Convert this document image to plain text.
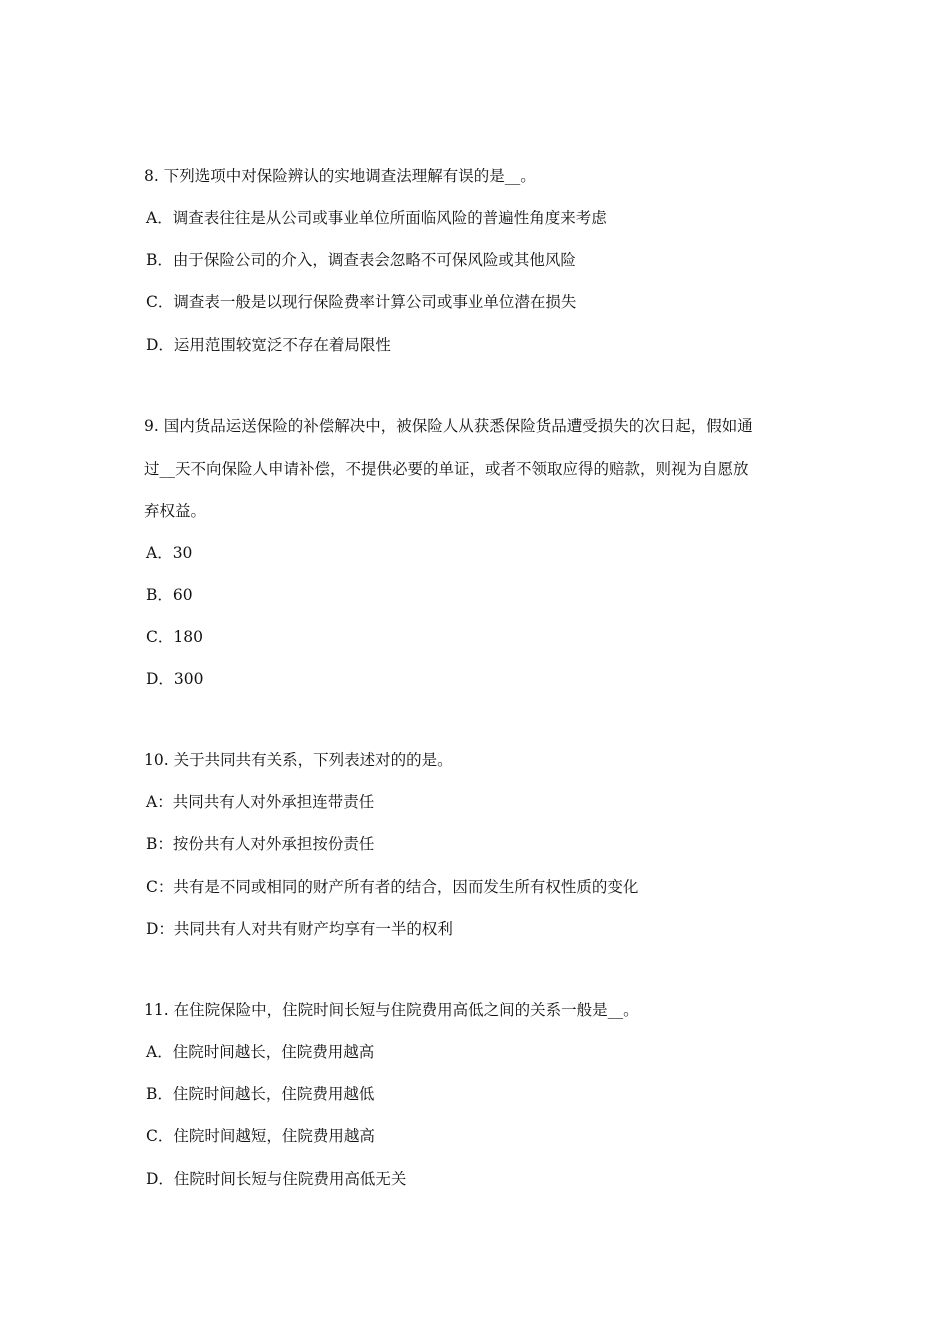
8. 下列选项中对保险辨认的实地调查法理解有误的是__。
A．调查表往往是从公司或事业单位所面临风险的普遍性角度来考虑
B．由于保险公司的介入，调查表会忽略不可保风险或其他风险
C．调查表一般是以现行保险费率计算公司或事业单位潜在损失
D．运用范围较宽泛不存在着局限性
9. 国内货品运送保险的补偿解决中，被保险人从获悉保险货品遭受损失的次日起，假如通
过__天不向保险人申请补偿，不提供必要的单证，或者不领取应得的赔款，则视为自愿放
弃权益。
A．30
B．60
C．180
D．300
10. 关于共同共有关系，下列表述对的的是。
A：共同共有人对外承担连带责任
B：按份共有人对外承担按份责任
C：共有是不同或相同的财产所有者的结合，因而发生所有权性质的变化
D：共同共有人对共有财产均享有一半的权利
11. 在住院保险中，住院时间长短与住院费用高低之间的关系一般是__。
A．住院时间越长，住院费用越高
B．住院时间越长，住院费用越低
C．住院时间越短，住院费用越高
D．住院时间长短与住院费用高低无关
